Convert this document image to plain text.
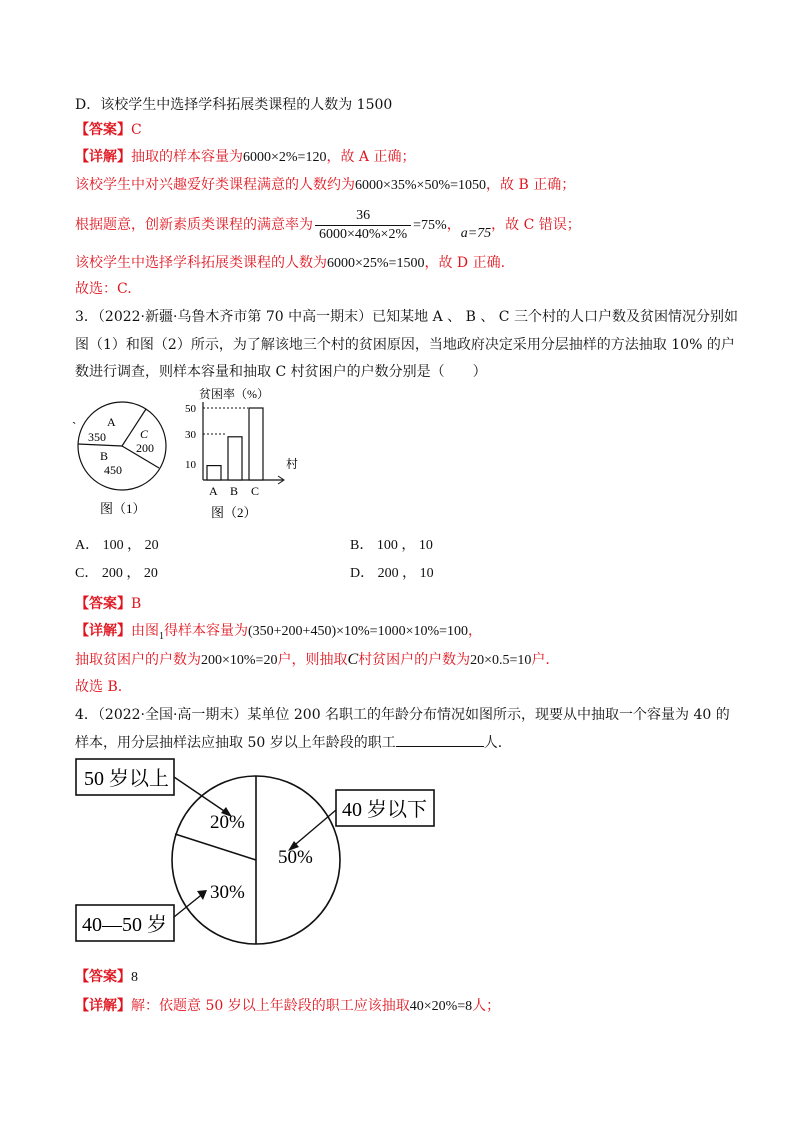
D．该校学生中选择学科拓展类课程的人数为 1500
【答案】C
【详解】抽取的样本容量为6000×2%=120，故 A 正确；
该校学生中对兴趣爱好类课程满意的人数约为6000×35%×50%=1050，故 B 正确；
根据题意，创新素质类课程的满意率为 $\frac{36}{6000\times 40\%\times 2\%} =75\%$，a=75，故 C 错误；
该校学生中选择学科拓展类课程的人数为6000×25%=1500，故 D 正确.
故选：C.
3．（2022·新疆·乌鲁木齐市第 70 中高一期末）已知某地 A 、 B 、 C 三个村的人口户数及贫困情况分别如
图（1）和图（2）所示，为了解该地三个村的贫困原因，当地政府决定采用分层抽样的方法抽取 10% 的户
数进行调查，则样本容量和抽取 C 村贫困户的户数分别是（　　）
`	A
350	C
200
B
450
图（1）
贫困率（%）
村
50
30
10
A B C
图（2）
A． 100 ， 20	B． 100 ， 10
C． 200 ， 20	D． 200 ， 10
【答案】B
【详解】由图$_1$得样本容量为(350+200+450)×10%=1000×10%=100，
抽取贫困户的户数为200×10%=20户，则抽取C村贫困户的户数为20×0.5=10户.
故选 B.
4．（2022·全国·高一期末）某单位 200 名职工的年龄分布情况如图所示，现要从中抽取一个容量为 40 的
样本，用分层抽样法应抽取 50 岁以上年龄段的职工	人.
50 岁以上
40 岁以下
40—50 岁
20%
30%
50%
【答案】8
【详解】解：依题意 50 岁以上年龄段的职工应该抽取40×20%=8人；
